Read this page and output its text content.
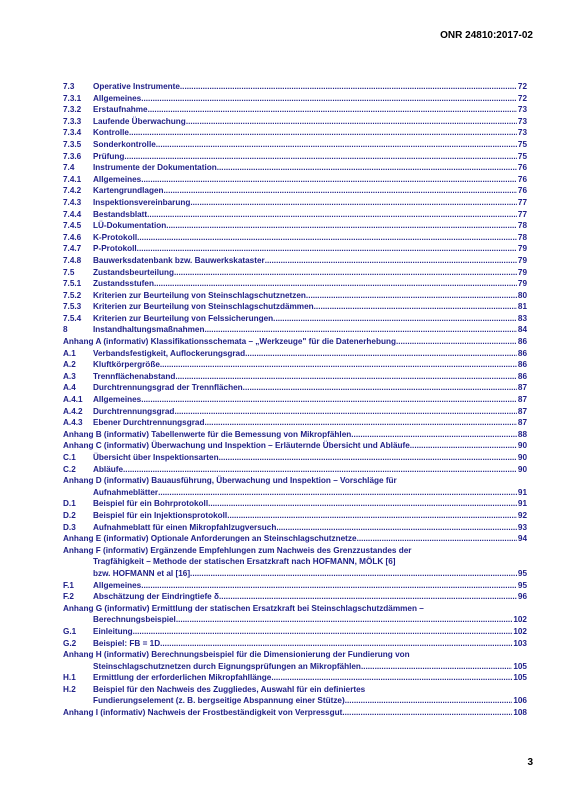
ONR 24810:2017-02
7.3	Operative Instrumente .....	72
7.3.1	Allgemeines .....	72
7.3.2	Erstaufnahme .....	73
7.3.3	Laufende Überwachung .....	73
7.3.4	Kontrolle .....	73
7.3.5	Sonderkontrolle .....	75
7.3.6	Prüfung .....	75
7.4	Instrumente der Dokumentation .....	76
7.4.1	Allgemeines .....	76
7.4.2	Kartengrundlagen .....	76
7.4.3	Inspektionsvereinbarung .....	77
7.4.4	Bestandsblatt .....	77
7.4.5	LÜ-Dokumentation .....	78
7.4.6	K-Protokoll .....	78
7.4.7	P-Protokoll .....	79
7.4.8	Bauwerksdatenbank bzw. Bauwerkskataster .....	79
7.5	Zustandsbeurteilung .....	79
7.5.1	Zustandsstufen .....	79
7.5.2	Kriterien zur Beurteilung von Steinschlagschutznetzen .....	80
7.5.3	Kriterien zur Beurteilung von Steinschlagschutzdämmen .....	81
7.5.4	Kriterien zur Beurteilung von Felssicherungen .....	83
8	Instandhaltungsmaßnahmen .....	84
Anhang A (informativ) Klassifikationsschemata – „Werkzeuge" für die Datenerhebung .....	86
A.1	Verbandsfestigkeit, Auflockerungsgrad .....	86
A.2	Kluftkörpergröße .....	86
A.3	Trennflächenabstand .....	86
A.4	Durchtrennungsgrad der Trennflächen .....	87
A.4.1	Allgemeines .....	87
A.4.2	Durchtrennungsgrad .....	87
A.4.3	Ebener Durchtrennungsgrad .....	87
Anhang B (informativ) Tabellenwerte für die Bemessung von Mikropfählen .....	88
Anhang C (informativ) Überwachung und Inspektion – Erläuternde Übersicht und Abläufe .....	90
C.1	Übersicht über Inspektionsarten .....	90
C.2	Abläufe .....	90
Anhang D (informativ) Bauausführung, Überwachung und Inspektion – Vorschläge für
Aufnahmeblätter .....	91
D.1	Beispiel für ein Bohrprotokoll .....	91
D.2	Beispiel für ein Injektionsprotokoll .....	92
D.3	Aufnahmeblatt für einen Mikropfahlzugversuch .....	93
Anhang E (informativ) Optionale Anforderungen an Steinschlagschutznetze .....	94
Anhang F (informativ) Ergänzende Empfehlungen zum Nachweis des Grenzzustandes der
Tragfähigkeit – Methode der statischen Ersatzkraft nach HOFMANN, MÖLK [6]
bzw. HOFMANN et al [16] .....	95
F.1	Allgemeines .....	95
F.2	Abschätzung der Eindringtiefe δ .....	96
Anhang G (informativ) Ermittlung der statischen Ersatzkraft bei Steinschlagschutzdämmen –
Berechnungsbeispiel .....	102
G.1	Einleitung .....	102
G.2	Beispiel: FB = 1D .....	103
Anhang H (informativ) Berechnungsbeispiel für die Dimensionierung der Fundierung von
Steinschlagschutznetzen durch Eignungsprüfungen an Mikropfählen .....	105
H.1	Ermittlung der erforderlichen Mikropfahllänge .....	105
H.2	Beispiel für den Nachweis des Zuggliedes, Auswahl für ein definiertes
Fundierungselement (z. B. bergseitige Abspannung einer Stütze) .....	106
Anhang I (informativ) Nachweis der Frostbeständigkeit von Verpressgut .....	108
3
